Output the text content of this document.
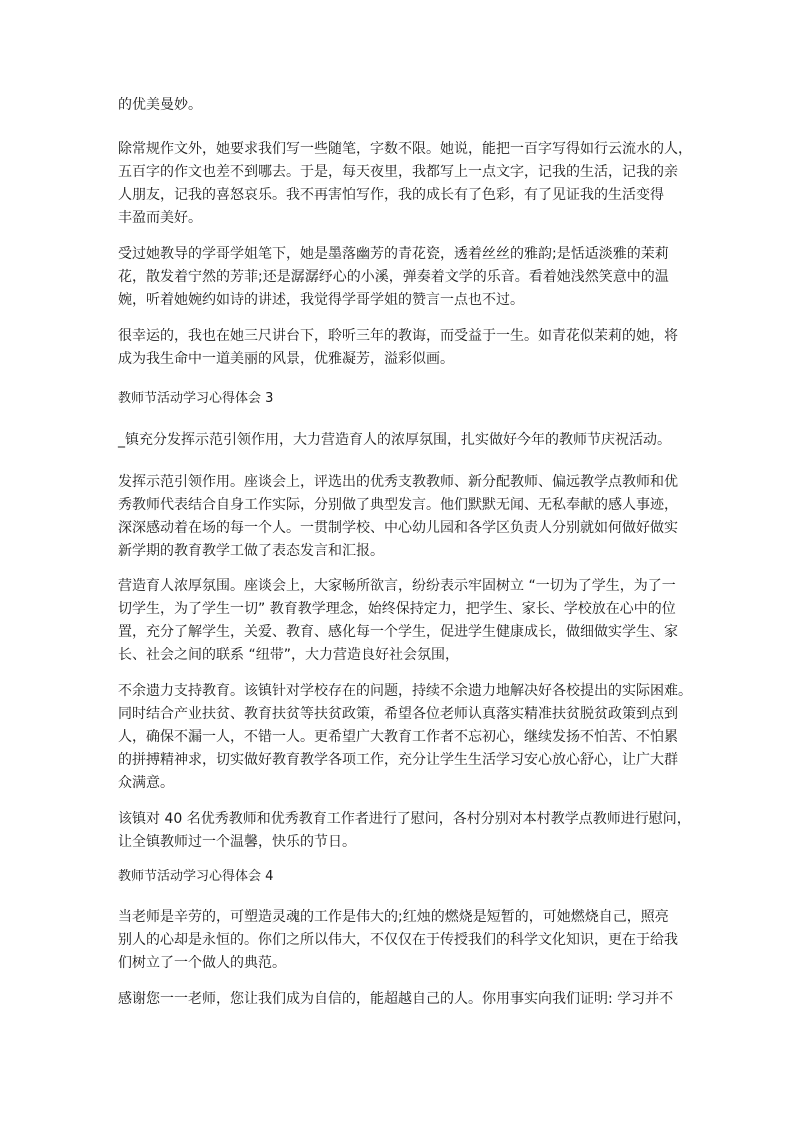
的优美曼妙。
除常规作文外，她要求我们写一些随笔，字数不限。她说，能把一百字写得如行云流水的人，
五百字的作文也差不到哪去。于是，每天夜里，我都写上一点文字，记我的生活，记我的亲
人朋友，记我的喜怒哀乐。我不再害怕写作，我的成长有了色彩，有了见证我的生活变得
丰盈而美好。
受过她教导的学哥学姐笔下，她是墨落幽芳的青花瓷，透着丝丝的雅韵;是恬适淡雅的茉莉
花，散发着宁然的芳菲;还是潺潺纾心的小溪，弹奏着文学的乐音。看着她浅然笑意中的温
婉，听着她婉约如诗的讲述，我觉得学哥学姐的赞言一点也不过。
很幸运的，我也在她三尺讲台下，聆听三年的教诲，而受益于一生。如青花似茉莉的她，将
成为我生命中一道美丽的风景，优雅凝芳，溢彩似画。
教师节活动学习心得体会 3
_镇充分发挥示范引领作用，大力营造育人的浓厚氛围，扎实做好今年的教师节庆祝活动。
发挥示范引领作用。座谈会上，评选出的优秀支教教师、新分配教师、偏远教学点教师和优
秀教师代表结合自身工作实际，分别做了典型发言。他们默默无闻、无私奉献的感人事迹，
深深感动着在场的每一个人。一贯制学校、中心幼儿园和各学区负责人分别就如何做好做实
新学期的教育教学工做了表态发言和汇报。
营造育人浓厚氛围。座谈会上，大家畅所欲言，纷纷表示牢固树立 “一切为了学生，为了一
切学生，为了学生一切” 教育教学理念，始终保持定力，把学生、家长、学校放在心中的位
置，充分了解学生，关爱、教育、感化每一个学生，促进学生健康成长，做细做实学生、家
长、社会之间的联系 “纽带”，大力营造良好社会氛围，
不余遗力支持教育。该镇针对学校存在的问题，持续不余遗力地解决好各校提出的实际困难。
同时结合产业扶贫、教育扶贫等扶贫政策，希望各位老师认真落实精准扶贫脱贫政策到点到
人，确保不漏一人，不错一人。更希望广大教育工作者不忘初心，继续发扬不怕苦、不怕累
的拼搏精神求，切实做好教育教学各项工作，充分让学生生活学习安心放心舒心，让广大群
众满意。
该镇对 40 名优秀教师和优秀教育工作者进行了慰问，各村分别对本村教学点教师进行慰问，
让全镇教师过一个温馨，快乐的节日。
教师节活动学习心得体会 4
当老师是辛劳的，可塑造灵魂的工作是伟大的;红烛的燃烧是短暂的，可她燃烧自己，照亮
别人的心却是永恒的。你们之所以伟大，不仅仅在于传授我们的科学文化知识，更在于给我
们树立了一个做人的典范。
感谢您一一老师，您让我们成为自信的，能超越自己的人。你用事实向我们证明: 学习并不
